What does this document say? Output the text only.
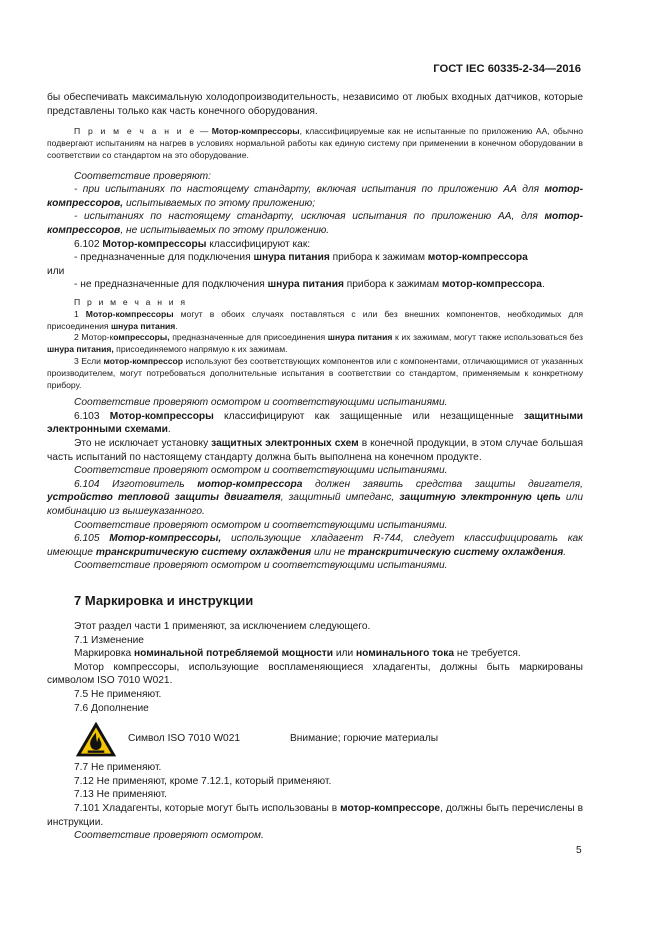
ГОСТ IEC 60335-2-34—2016

бы обеспечивать максимальную холодопроизводительность, независимо от любых входных датчиков, которые представлены только как часть конечного оборудования.

П р и м е ч а н и е — Мотор-компрессоры, классифицируемые как не испытанные по приложению АА, обычно подвергают испытаниям на нагрев в условиях нормальной работы как единую систему при применении в конечном оборудовании в соответствии со стандартом на это оборудование.

Соответствие проверяют:

- при испытаниях по настоящему стандарту, включая испытания по приложению АА для мотор-компрессоров, испытываемых по этому приложению;

- испытаниях по настоящему стандарту, исключая испытания по приложению АА, для мотор-компрессоров, не испытываемых по этому приложению.

6.102 Мотор-компрессоры классифицируют как:

- предназначенные для подключения шнура питания прибора к зажимам мотор-компрессора

или

- не предназначенные для подключения шнура питания прибора к зажимам мотор-компрессора.

П р и м е ч а н и я

1 Мотор-компрессоры могут в обоих случаях поставляться с или без внешних компонентов, необходимых для присоединения шнура питания.

2 Мотор-компрессоры, предназначенные для присоединения шнура питания к их зажимам, могут также использоваться без шнура питания, присоединяемого напрямую к их зажимам.

3 Если мотор-компрессор используют без соответствующих компонентов или с компонентами, отличающимися от указанных производителем, могут потребоваться дополнительные испытания в соответствии со стандартом, применяемым к конкретному прибору.

Соответствие проверяют осмотром и соответствующими испытаниями.

6.103 Мотор-компрессоры классифицируют как защищенные или незащищенные защитными электронными схемами.

Это не исключает установку защитных электронных схем в конечной продукции, в этом случае большая часть испытаний по настоящему стандарту должна быть выполнена на конечном продукте.

Соответствие проверяют осмотром и соответствующими испытаниями.

6.104 Изготовитель мотор-компрессора должен заявить средства защиты двигателя, устройство тепловой защиты двигателя, защитный импеданс, защитную электронную цепь или комбинацию из вышеуказанного.

Соответствие проверяют осмотром и соответствующими испытаниями.

6.105 Мотор-компрессоры, использующие хладагент R-744, следует классифицировать как имеющие транскритическую систему охлаждения или не транскритическую систему охлаждения.

Соответствие проверяют осмотром и соответствующими испытаниями.

7 Маркировка и инструкции

Этот раздел части 1 применяют, за исключением следующего.

7.1 Изменение

Маркировка номинальной потребляемой мощности или номинального тока не требуется.

Мотор компрессоры, использующие воспламеняющиеся хладагенты, должны быть маркированы символом ISO 7010 W021.

7.5 Не применяют.

7.6 Дополнение

Символ ISO 7010 W021	Внимание; горючие материалы

7.7 Не применяют.

7.12 Не применяют, кроме 7.12.1, который применяют.

7.13 Не применяют.

7.101 Хладагенты, которые могут быть использованы в мотор-компрессоре, должны быть перечислены в инструкции.

Соответствие проверяют осмотром.

5
